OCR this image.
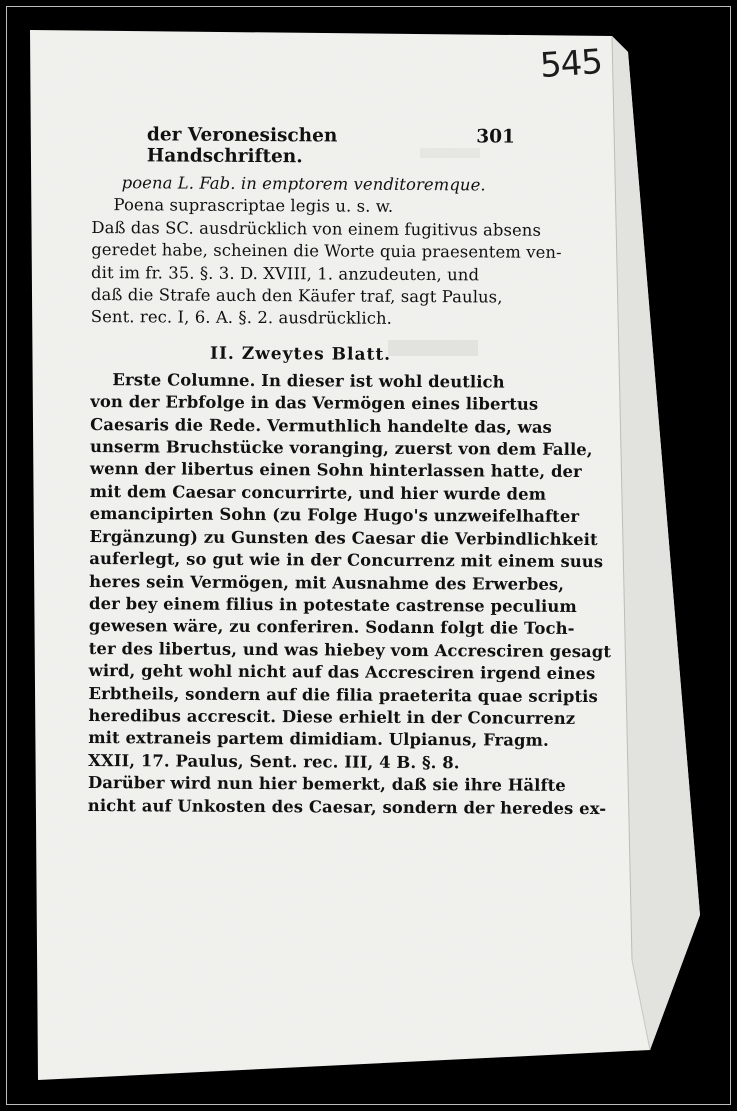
545
der Veronesischen Handschriften.
301
poena L. Fab. in emptorem venditoremque.
Poena suprascriptae legis u. s. w.
Daß das SC. ausdrücklich von einem fugitivus absens
geredet habe, scheinen die Worte quia praesentem ven-
dit im fr. 35. §. 3. D. XVIII, 1. anzudeuten, und
daß die Strafe auch den Käufer traf, sagt Paulus,
Sent. rec. I, 6. A. §. 2. ausdrücklich.
II. Zweytes Blatt.
Erste Columne. In dieser ist wohl deutlich
von der Erbfolge in das Vermögen eines libertus
Caesaris die Rede. Vermuthlich handelte das, was
unserm Bruchstücke voranging, zuerst von dem Falle,
wenn der libertus einen Sohn hinterlassen hatte, der
mit dem Caesar concurrirte, und hier wurde dem
emancipirten Sohn (zu Folge Hugo's unzweifelhafter
Ergänzung) zu Gunsten des Caesar die Verbindlichkeit
auferlegt, so gut wie in der Concurrenz mit einem suus
heres sein Vermögen, mit Ausnahme des Erwerbes,
der bey einem filius in potestate castrense peculium
gewesen wäre, zu conferiren. Sodann folgt die Toch-
ter des libertus, und was hiebey vom Accresciren gesagt
wird, geht wohl nicht auf das Accresciren irgend eines
Erbtheils, sondern auf die filia praeterita quae scriptis
heredibus accrescit. Diese erhielt in der Concurrenz
mit extraneis partem dimidiam. Ulpianus, Fragm.
XXII, 17. Paulus, Sent. rec. III, 4 B. §. 8.
Darüber wird nun hier bemerkt, daß sie ihre Hälfte
nicht auf Unkosten des Caesar, sondern der heredes ex-
